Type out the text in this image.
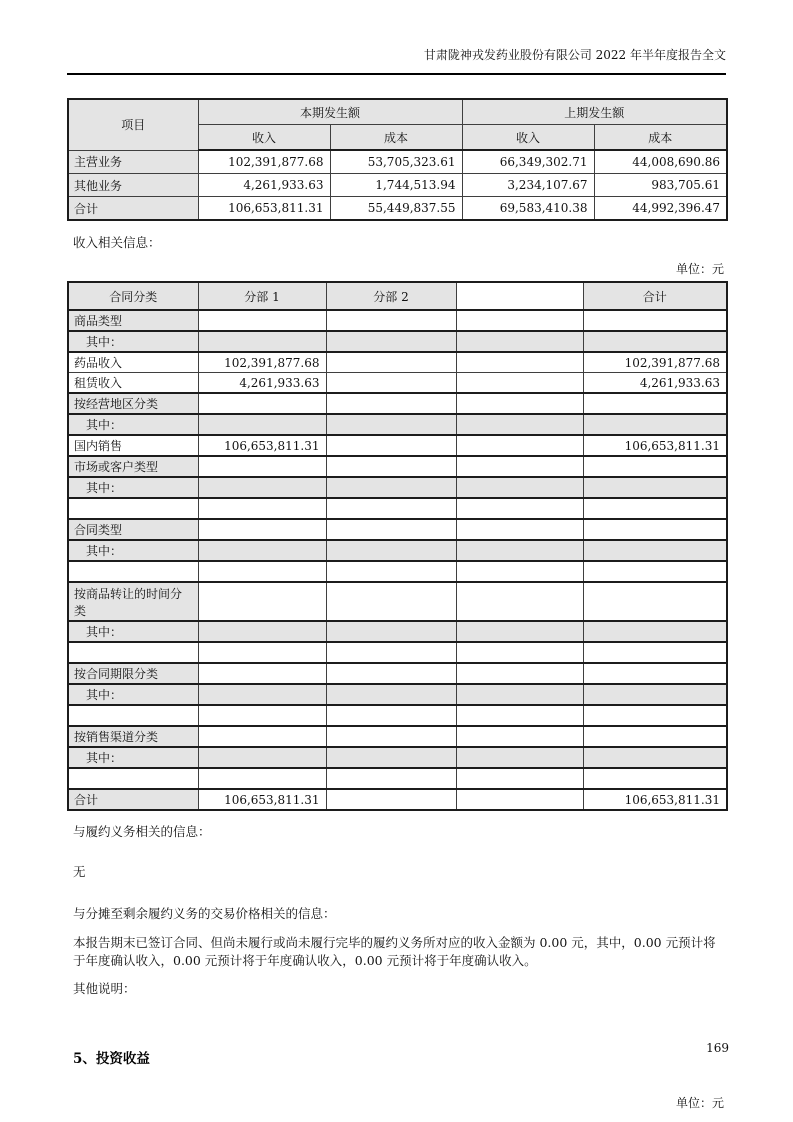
甘肃陇神戎发药业股份有限公司 2022 年半年度报告全文
项目	本期发生额		上期发生额	
	收入	成本	收入	成本
主营业务	102,391,877.68	53,705,323.61	66,349,302.71	44,008,690.86
其他业务	4,261,933.63	1,744,513.94	3,234,107.67	983,705.61
合计	106,653,811.31	55,449,837.55	69,583,410.38	44,992,396.47

收入相关信息：

单位：元
合同分类	分部 1	分部 2		合计
商品类型				
其中：				
药品收入	102,391,877.68			102,391,877.68
租赁收入	4,261,933.63			4,261,933.63
按经营地区分类				
其中：				
国内销售	106,653,811.31			106,653,811.31
市场或客户类型				
其中：				

合同类型				
其中：				

按商品转让的时间分类				
其中：				

按合同期限分类				
其中：				

按销售渠道分类				
其中：				

合计	106,653,811.31			106,653,811.31

与履约义务相关的信息：

无

与分摊至剩余履约义务的交易价格相关的信息：

本报告期末已签订合同、但尚未履行或尚未履行完毕的履约义务所对应的收入金额为 0.00 元，其中，0.00 元预计将于年度确认收入，0.00 元预计将于年度确认收入，0.00 元预计将于年度确认收入。

其他说明：

5、投资收益
单位：元
169
